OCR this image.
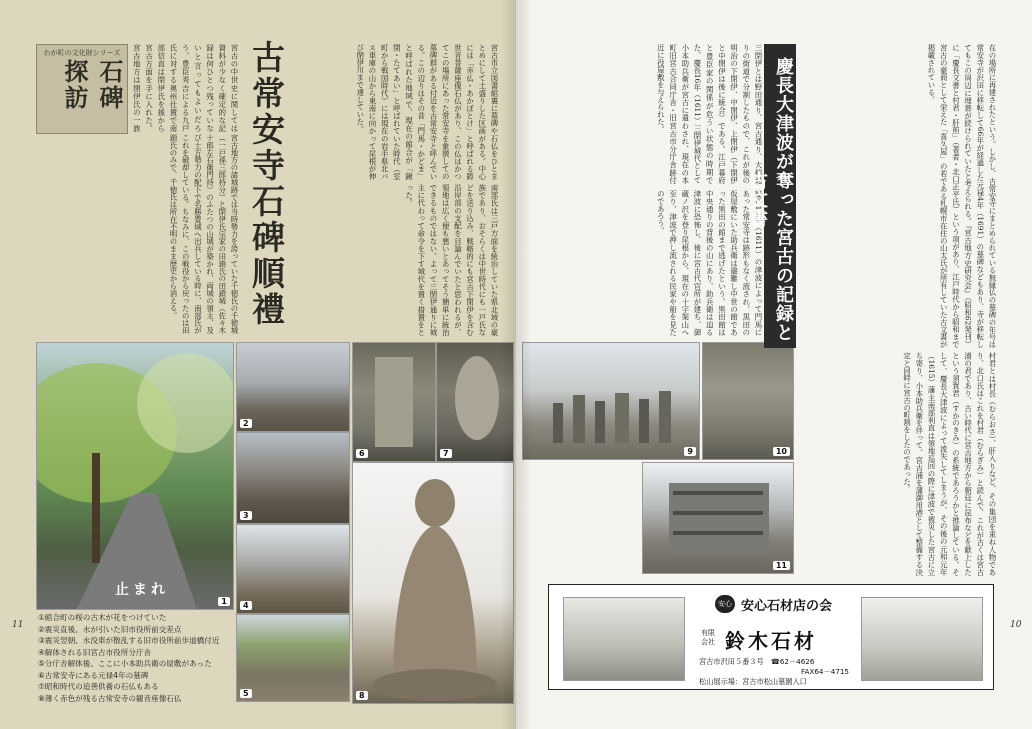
わが町の文化財シリーズ
石碑探訪
宮古の中世史に関しては資料が少なく確定的な記録は何ひとつ残っていないと言ってもよいだろう。豊臣秀吉による九戸氏に対する奥州仕置で南部信直は閉伊氏を援から宮古方面を手に入れた。宮古地方は閉伊氏の一族
宮古地方の諸城跡では当時勢力を誇っていた千徳氏の千徳城（一戸孫三郎持分）と閉伊氏宗家の田鎖氏の田鎖城（佐々木十郎左右衛門持）のふたつの山城が築かれ、両城の領主、及び土方勢力の配下で名勝豊城へ出兵している時に、南部氏がこれを破却している。ちなみに、この戦役から戻ったのは田鎖氏のみで、千徳氏は所在不明のまま歴史から消える。	古常安寺石碑順禮	宮古市立図書館裏に墓碑や石仏をひとまとめにして土盛りした区画がある。中心には「赤仏・あかぼとけ」と呼ばれる鋳世音菩薩座像石仏があり、この仏はかつてこの場所にあった常安寺を象徴しての墓碑群がある付近を古常安寺と呼んでいる。この辺りはその昔「門馬・かどま」と呼ばれた地域で、現在の館合が「鍬閉・たてあい」と呼ばれていた時代（室町から戦国時代）には現在の岩手県北バス車庫の山から東南に向かって尾根が伸び閉伊川まで達していた。
南部氏は三戸方面を統治していた県北域の豪族であり、おそらくは中世時代にも一戸氏などを送り込み、戦略的にも宮古下閉伊を含む沿岸部の支配を目論んでいたと思われるが、領地は広く便も悪いとあってそう簡単に統治できるものではない。よって三閉伊通りに城主に代わって命令を下す城代を置く措置をとった。
止まれ
1
2
3
4
5
6	7
8
①館合町の桜の古木が花をつけていた
②震災直後、水が引いた旧市役所前交差点
③震災翌朝、水没車が散乱する旧市役所前歩道橋付近
④解体される旧宮古市役所分庁舎
⑤分庁舎解体後、ここに小本助兵衛の屋敷があった
⑥古常安寺にある元禄4年の墓碑
⑦昭和時代の追善供養の石仏もある
⑧薄く赤色が残る古常安寺の観音座像石仏
11
三閉伊とは野田通り、宮古通り、大槌通りの街道で分割したもので、これが後の明治の下閉伊、中閉伊、上閉伊（下閉伊と中閉伊は後に統合）である。江戸幕府と豊臣家の関係が危うい状態の時期でた、慶長16年（1611）三閉伊城代として小本助兵衛が宮古に遣わされ、現在の本町旧宮古合同庁舎・旧宮古市分庁舎跡付近に役屋敷を与えられた。
慶長16年（1611）の津波によって門馬にあった常安寺は跡形もなく流され、黒田の仮屋敷にいた助兵衛は避難し中世の館であった黒田の館まで逃げたという。黒田館は中央通りの背後の山にあり、助兵衛は迫る津波に恐怖し、後に宮古代官所が建ち、御蔵ノ沢を登り尾根から、現在の十字架山へ至り、津波で押し流される民家や船を見たのであろう。	在の場所に再建されたという。しかし、古常安寺にまとめられている無縁仏の墓碑の年号は常安寺が沢田に移転して66年が経過した元禄4年（1691）の墓碑などもあり、寺が移転してもこの周辺に埋葬が続けられていたと考えられる。『宮古地方史研究会』（昭和62発刊）に「慶長文書と村君・肝煎」（著者・北口正平氏）という項があり、江戸時代から昭和まで宮古の豪商として栄えた「喜久屋」の若である札幌市在住の山太氏が所有していた古文書が掲載されている。
村君とは村長（むらおさ）、肝入りなど、その集団を束ね人物であり、北口氏はこれを村君（むらぎみ）と読んで、これが古くは宮古浦の君であり、古い時代に宮古地方から朝廷に昆布などを献上したという須賀君（すかのきみ）の系統であろうかと推論している。そして、慶長大津波によって流失してしまうが、その後の元和元年（1615）藩主南部利直は領地巡回の際に津波で被災した宮古に立ち寄り、小本助兵衛を伴って、宮古浦を藩御用港として整備する決定と同時に宮古の町割をしたのであった。
9	10
11
10
慶長大津波が奪った宮古の記録と古文書
安心 安心石材店の会
有限会社 鈴木石材
宮古市沢田５番３号　☎62－4626
FAX64－4715
松山展示場：宮古市松山墓園入口
